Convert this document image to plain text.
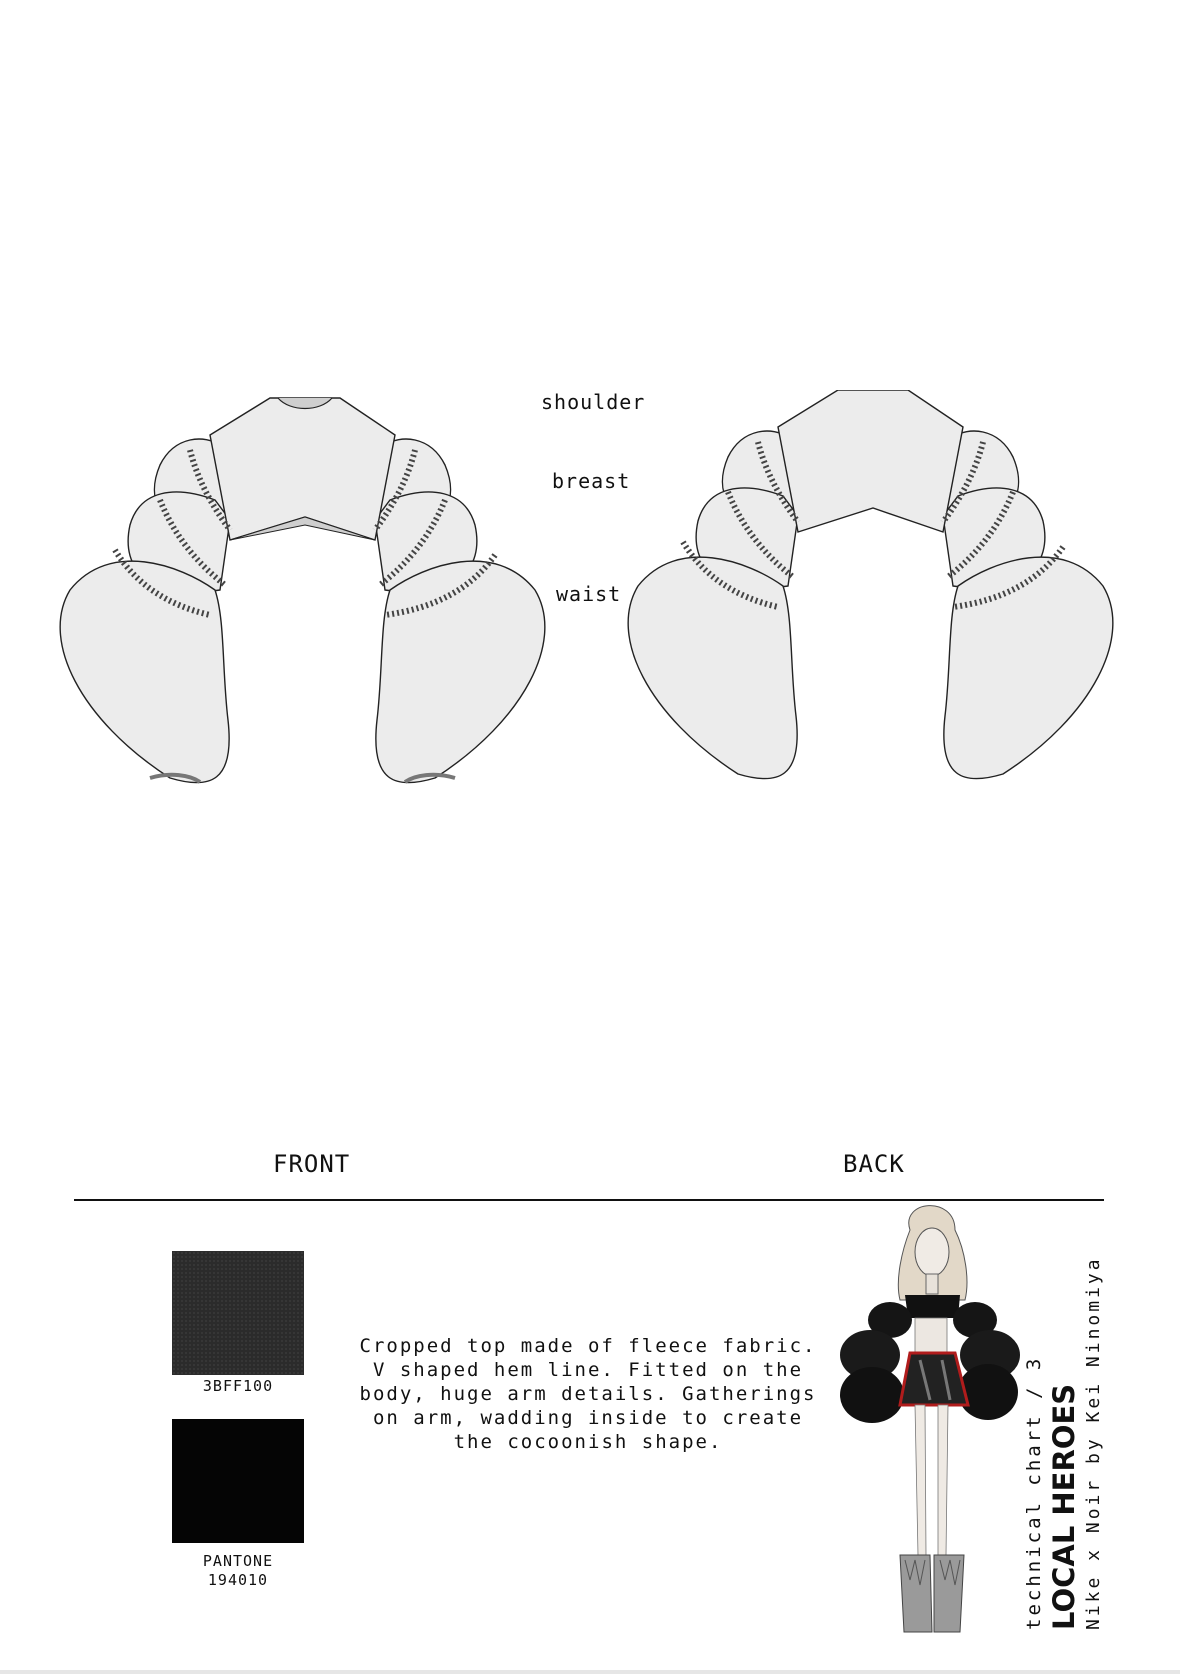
shoulder
breast
waist
FRONT	BACK
3BFF100
PANTONE
194010
Cropped top made of fleece fabric. V shaped hem line. Fitted on the body, huge arm details. Gatherings on arm, wadding inside to create the cocoonish shape.	technical chart / 3 LOCAL HEROES Nike x Noir by Kei Ninomiya
